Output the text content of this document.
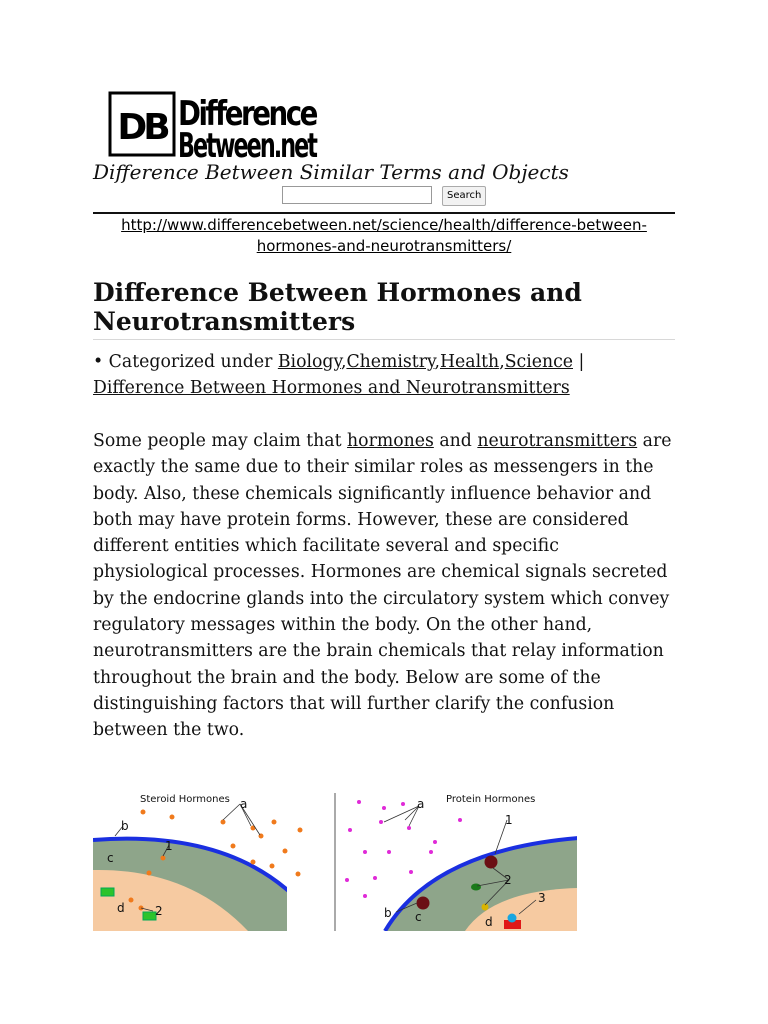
DB Difference
Between.net
Difference Between Similar Terms and Objects
Search
http://www.differencebetween.net/science/health/difference-between-hormones-and-neurotransmitters/
Difference Between Hormones and Neurotransmitters
• Categorized under Biology,Chemistry,Health,Science | Difference Between Hormones and Neurotransmitters
Some people may claim that hormones and neurotransmitters are exactly the same due to their similar roles as messengers in the body. Also, these chemicals significantly influence behavior and both may have protein forms. However, these are considered different entities which facilitate several and specific physiological processes. Hormones are chemical signals secreted by the endocrine glands into the circulatory system which convey regulatory messages within the body. On the other hand, neurotransmitters are the brain chemicals that relay information throughout the brain and the body. Below are some of the distinguishing factors that will further clarify the confusion between the two.
Steroid Hormones a
b
c
d
1
2
Protein Hormones
a
1
2
3
b c	d
